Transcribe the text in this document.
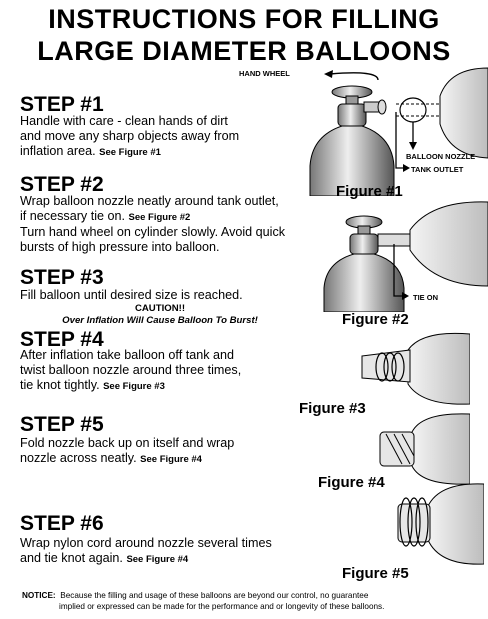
INSTRUCTIONS FOR FILLING
LARGE DIAMETER BALLOONS
STEP #1
Handle with care - clean hands of dirt
and move any sharp objects away from
inflation area. See Figure #1
STEP #2
Wrap balloon nozzle neatly around tank outlet,
if necessary tie on. See Figure #2
Turn hand wheel on cylinder slowly. Avoid quick
bursts of high pressure into balloon.
STEP #3
Fill balloon until desired size is reached.
CAUTION!!
Over Inflation Will Cause Balloon To Burst!
STEP #4
After inflation take balloon off tank and
twist balloon nozzle around three times,
tie knot tightly. See Figure #3
STEP #5
Fold nozzle back up on itself and wrap
nozzle across neatly. See Figure #4
STEP #6
Wrap nylon cord around nozzle several times
and tie knot again. See Figure #4
HAND WHEEL
BALLOON NOZZLE
TANK OUTLET
Figure #1
TIE ON
Figure #2
Figure #3
Figure #4
Figure #5
NOTICE: Because the filling and usage of these balloons are beyond our control, no guarantee
implied or expressed can be made for the performance and or longevity of these balloons.
